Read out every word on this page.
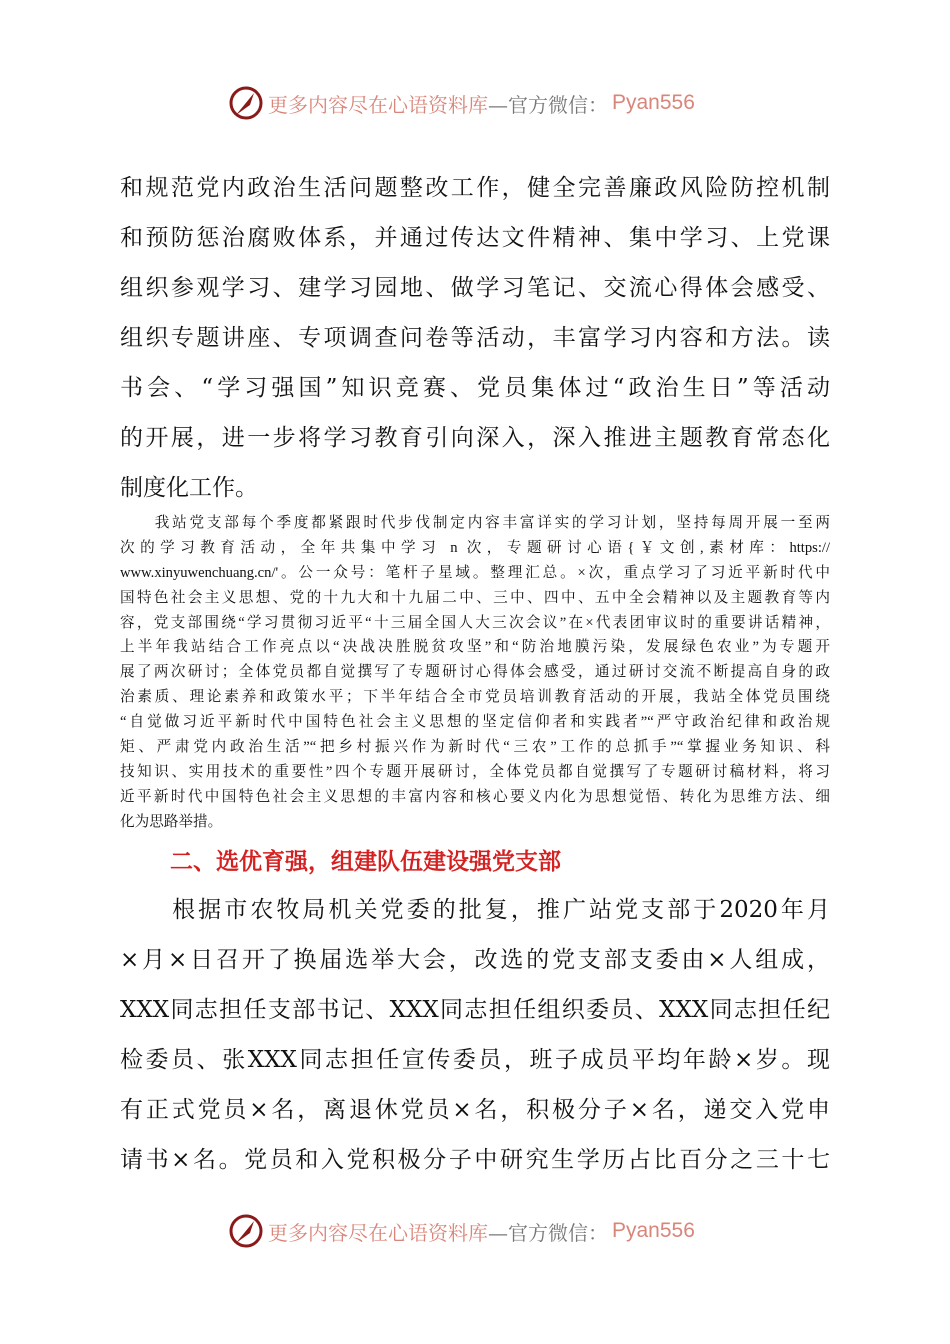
更多内容尽在心语资料库 —官方微信： Pyan556
和规范党内政治生活问题整改工作，健全完善廉政风险防控机制
和预防惩治腐败体系，并通过传达文件精神、集中学习、上党课
组织参观学习、建学习园地、做学习笔记、交流心得体会感受、
组织专题讲座、专项调查问卷等活动，丰富学习内容和方法。读
书会、“学习强国”知识竞赛、党员集体过“政治生日”等活动
的开展，进一步将学习教育引向深入，深入推进主题教育常态化
制度化工作。
　　我站党支部每个季度都紧跟时代步伐制定内容丰富详实的学习计划，坚持每周开展一至两
次的学习教育活动，全年共集中学习 n 次，专题研讨心语{￥文创,素材库：https://
www.xinyuwenchuang.cn/'。公一众号：笔杆子星域。整理汇总。×次，重点学习了习近平新时代中
国特色社会主义思想、党的十九大和十九届二中、三中、四中、五中全会精神以及主题教育等内
容，党支部围绕“学习贯彻习近平“十三届全国人大三次会议”在×代表团审议时的重要讲话精神，
上半年我站结合工作亮点以“决战决胜脱贫攻坚”和“防治地膜污染，发展绿色农业”为专题开
展了两次研讨；全体党员都自觉撰写了专题研讨心得体会感受，通过研讨交流不断提高自身的政
治素质、理论素养和政策水平；下半年结合全市党员培训教育活动的开展，我站全体党员围绕
“自觉做习近平新时代中国特色社会主义思想的坚定信仰者和实践者”“严守政治纪律和政治规
矩、严肃党内政治生活”“把乡村振兴作为新时代“三农”工作的总抓手”“掌握业务知识、科
技知识、实用技术的重要性”四个专题开展研讨，全体党员都自觉撰写了专题研讨稿材料，将习
近平新时代中国特色社会主义思想的丰富内容和核心要义内化为思想觉悟、转化为思维方法、细
化为思路举措。
二、选优育强，组建队伍建设强党支部
　　根据市农牧局机关党委的批复，推广站党支部于2020年月
×月×日召开了换届选举大会，改选的党支部支委由×人组成，
XXX同志担任支部书记、XXX同志担任组织委员、XXX同志担任纪
检委员、张XXX同志担任宣传委员，班子成员平均年龄×岁。现
有正式党员×名，离退休党员×名，积极分子×名，递交入党申
请书×名。党员和入党积极分子中研究生学历占比百分之三十七
更多内容尽在心语资料库 —官方微信： Pyan556
